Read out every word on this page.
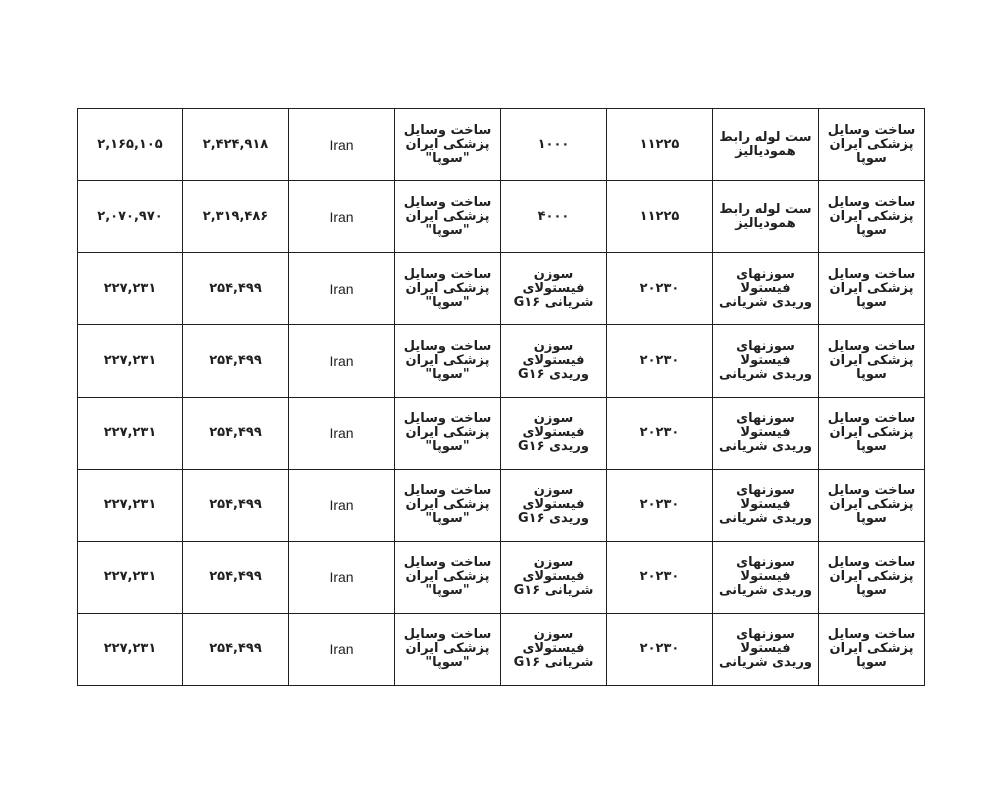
ساخت وسایل
پزشکی ایران
سوپا	ست لوله رابط
همودیالیز	۱۱۲۲۵	۱۰۰۰	ساخت وسایل
پزشکی ایران
"سوپا"	Iran	۲,۴۲۴,۹۱۸	۲,۱۶۵,۱۰۵
ساخت وسایل
پزشکی ایران
سوپا	ست لوله رابط
همودیالیز	۱۱۲۲۵	۴۰۰۰	ساخت وسایل
پزشکی ایران
"سوپا"	Iran	۲,۳۱۹,۴۸۶	۲,۰۷۰,۹۷۰
ساخت وسایل
پزشکی ایران
سوپا	سوزنهای فیستولا
وریدی شریانی	۲۰۲۳۰	سوزن فیستولای
شریانی G۱۶	ساخت وسایل
پزشکی ایران
"سوپا"	Iran	۲۵۴,۴۹۹	۲۲۷,۲۳۱
ساخت وسایل
پزشکی ایران
سوپا	سوزنهای فیستولا
وریدی شریانی	۲۰۲۳۰	سوزن فیستولای
وریدی G۱۶	ساخت وسایل
پزشکی ایران
"سوپا"	Iran	۲۵۴,۴۹۹	۲۲۷,۲۳۱
ساخت وسایل
پزشکی ایران
سوپا	سوزنهای فیستولا
وریدی شریانی	۲۰۲۳۰	سوزن فیستولای
وریدی G۱۶	ساخت وسایل
پزشکی ایران
"سوپا"	Iran	۲۵۴,۴۹۹	۲۲۷,۲۳۱
ساخت وسایل
پزشکی ایران
سوپا	سوزنهای فیستولا
وریدی شریانی	۲۰۲۳۰	سوزن فیستولای
وریدی G۱۶	ساخت وسایل
پزشکی ایران
"سوپا"	Iran	۲۵۴,۴۹۹	۲۲۷,۲۳۱
ساخت وسایل
پزشکی ایران
سوپا	سوزنهای فیستولا
وریدی شریانی	۲۰۲۳۰	سوزن فیستولای
شریانی G۱۶	ساخت وسایل
پزشکی ایران
"سوپا"	Iran	۲۵۴,۴۹۹	۲۲۷,۲۳۱
ساخت وسایل
پزشکی ایران
سوپا	سوزنهای فیستولا
وریدی شریانی	۲۰۲۳۰	سوزن فیستولای
شریانی G۱۶	ساخت وسایل
پزشکی ایران
"سوپا"	Iran	۲۵۴,۴۹۹	۲۲۷,۲۳۱
